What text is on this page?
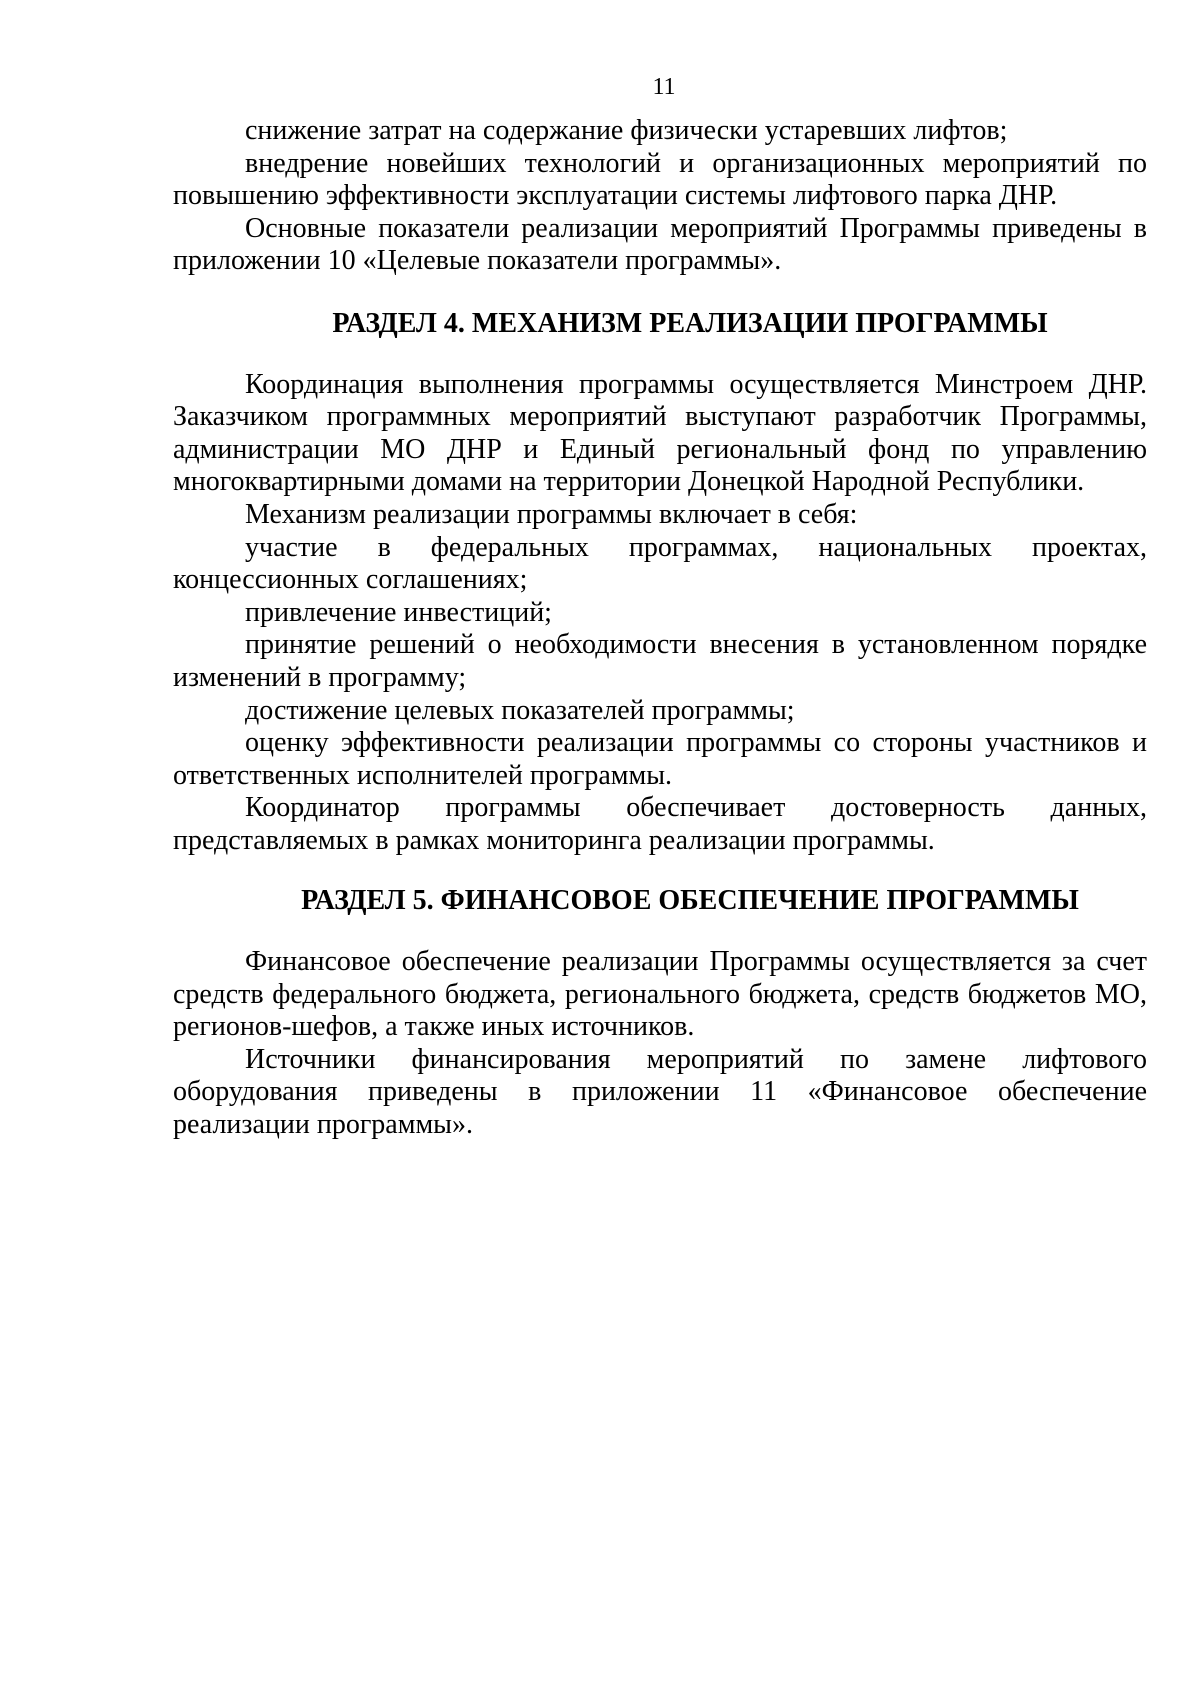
11

снижение затрат на содержание физически устаревших лифтов;

внедрение новейших технологий и организационных мероприятий по повышению эффективности эксплуатации системы лифтового парка ДНР.

Основные показатели реализации мероприятий Программы приведены в приложении 10 «Целевые показатели программы».

РАЗДЕЛ 4. МЕХАНИЗМ РЕАЛИЗАЦИИ ПРОГРАММЫ

Координация выполнения программы осуществляется Минстроем ДНР. Заказчиком программных мероприятий выступают разработчик Программы, администрации МО ДНР и Единый региональный фонд по управлению многоквартирными домами на территории Донецкой Народной Республики.

Механизм реализации программы включает в себя:

участие в федеральных программах, национальных проектах, концессионных соглашениях;

привлечение инвестиций;

принятие решений о необходимости внесения в установленном порядке изменений в программу;

достижение целевых показателей программы;

оценку эффективности реализации программы со стороны участников и ответственных исполнителей программы.

Координатор программы обеспечивает достоверность данных, представляемых в рамках мониторинга реализации программы.

РАЗДЕЛ 5. ФИНАНСОВОЕ ОБЕСПЕЧЕНИЕ ПРОГРАММЫ

Финансовое обеспечение реализации Программы осуществляется за счет средств федерального бюджета, регионального бюджета, средств бюджетов МО, регионов-шефов, а также иных источников.

Источники финансирования мероприятий по замене лифтового оборудования приведены в приложении 11 «Финансовое обеспечение реализации программы».
